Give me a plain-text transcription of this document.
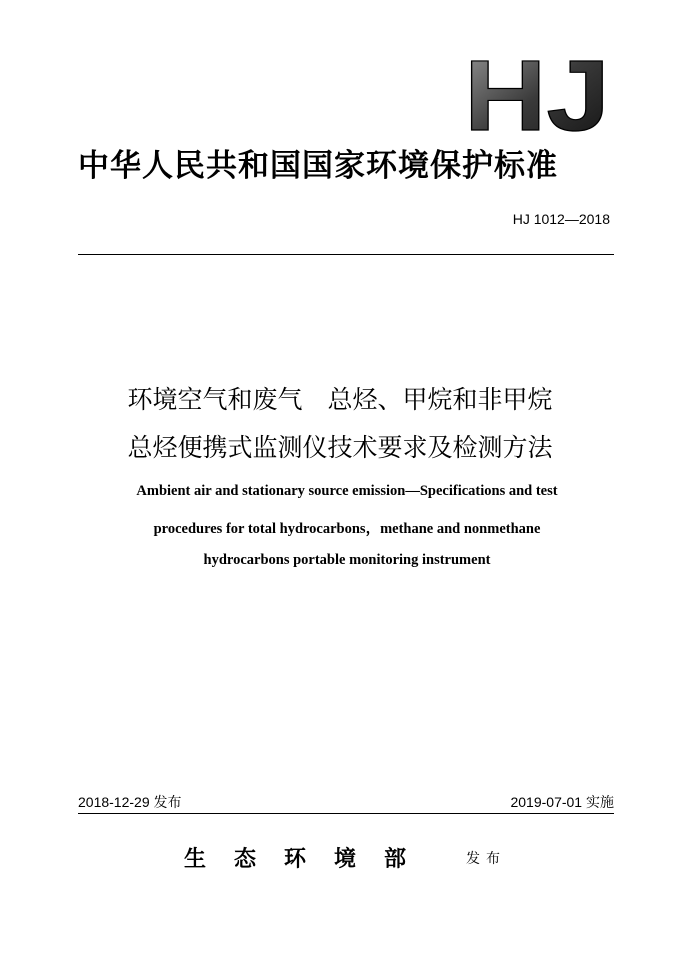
HJ
中华人民共和国国家环境保护标准
HJ 1012—2018
环境空气和废气　总烃、甲烷和非甲烷
总烃便携式监测仪技术要求及检测方法
Ambient air and stationary source emission—Specifications and test
procedures for total hydrocarbons，methane and nonmethane
hydrocarbons portable monitoring instrument
2018-12-29 发布	2019-07-01 实施
生态环境部 发布
